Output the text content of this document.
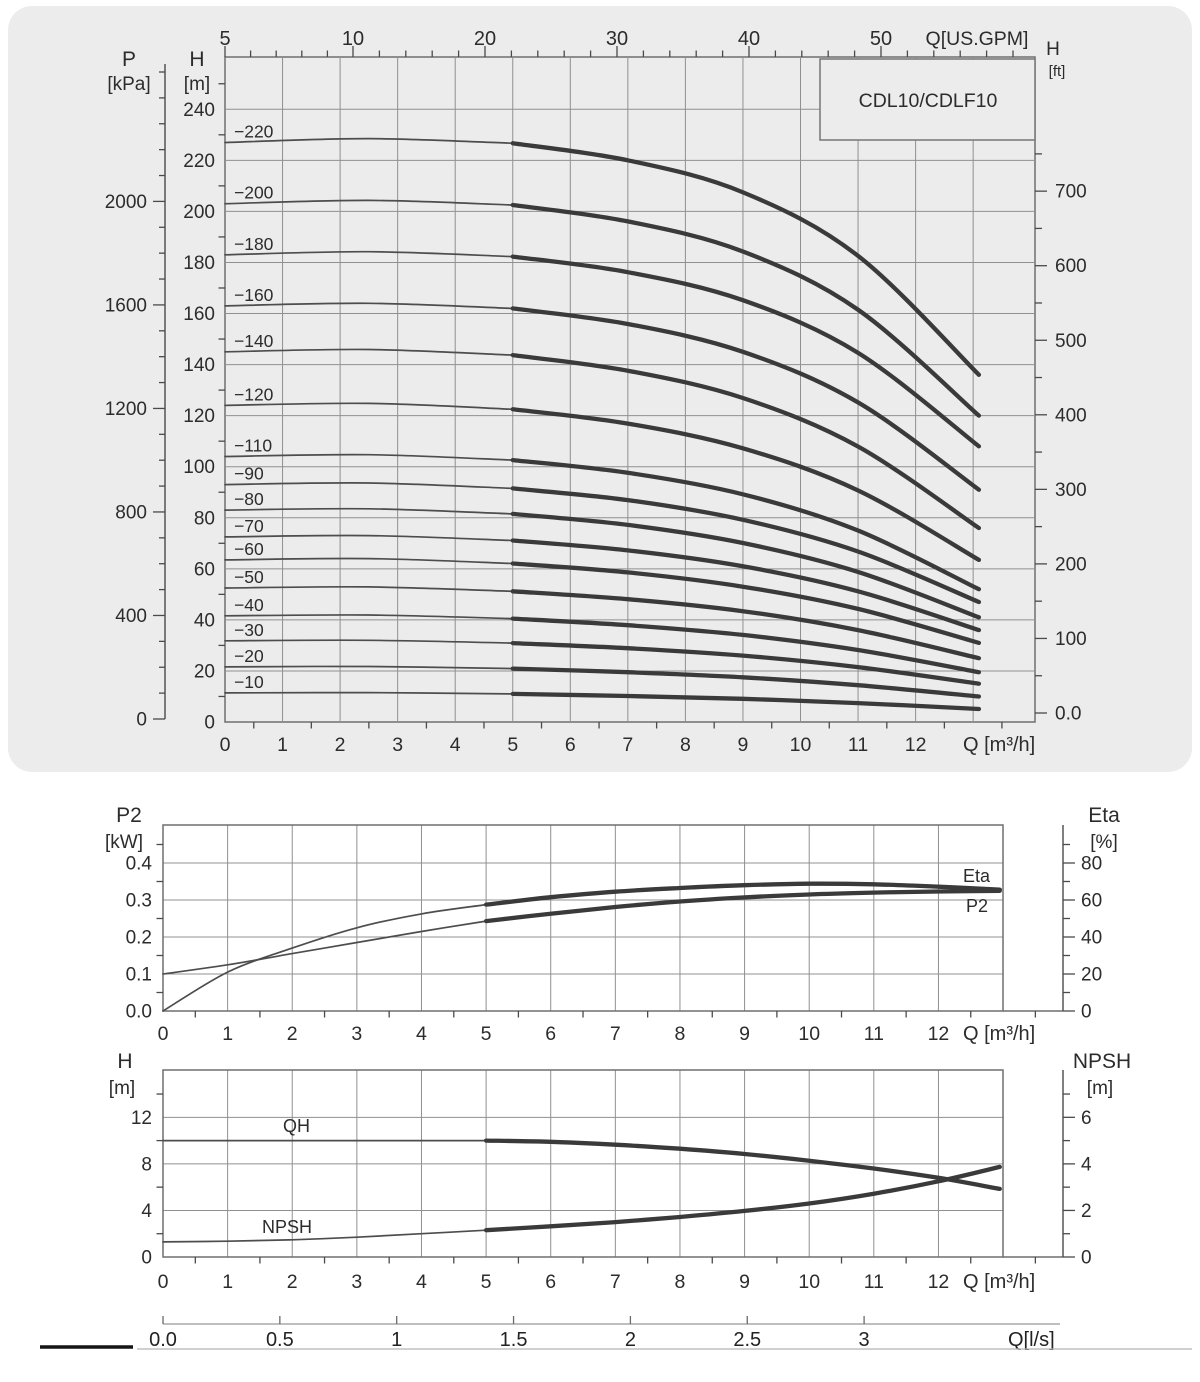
0 1 2 3 4 5 6 7 8 9 10 11 12 Q [m³/h]
5	10	20	30	40	50 Q[US.GPM]
0
20
40
60
80
100
120
140
160
180
200
220
240
H
[m]
0
400
800
1200
1600
2000
P
[kPa]
0.0
100
200
300
400
500
600
700
H
[ft]
CDL10/CDLF10
−220
−200
−180
−160
−140
−120
−110
−90
−80
−70
−60
−50
−40
−30
−20
−10
0	1	2	3	4	5	6	7	8	9 10 11 12 Q [m³/h]
0.0
0.1
0.2
0.3
0.4
P2
[kW]
0
20
40
60
80
Eta
[%]
Eta
P2
0	1	2	3	4	5	6	7	8	9 10 11 12 Q [m³/h]
0
4
8
12
H
[m]
0
2
4
6
NPSH
[m]
QH
NPSH
0.0	0.5	1	1.5	2	2.5	3	Q[l/s]
